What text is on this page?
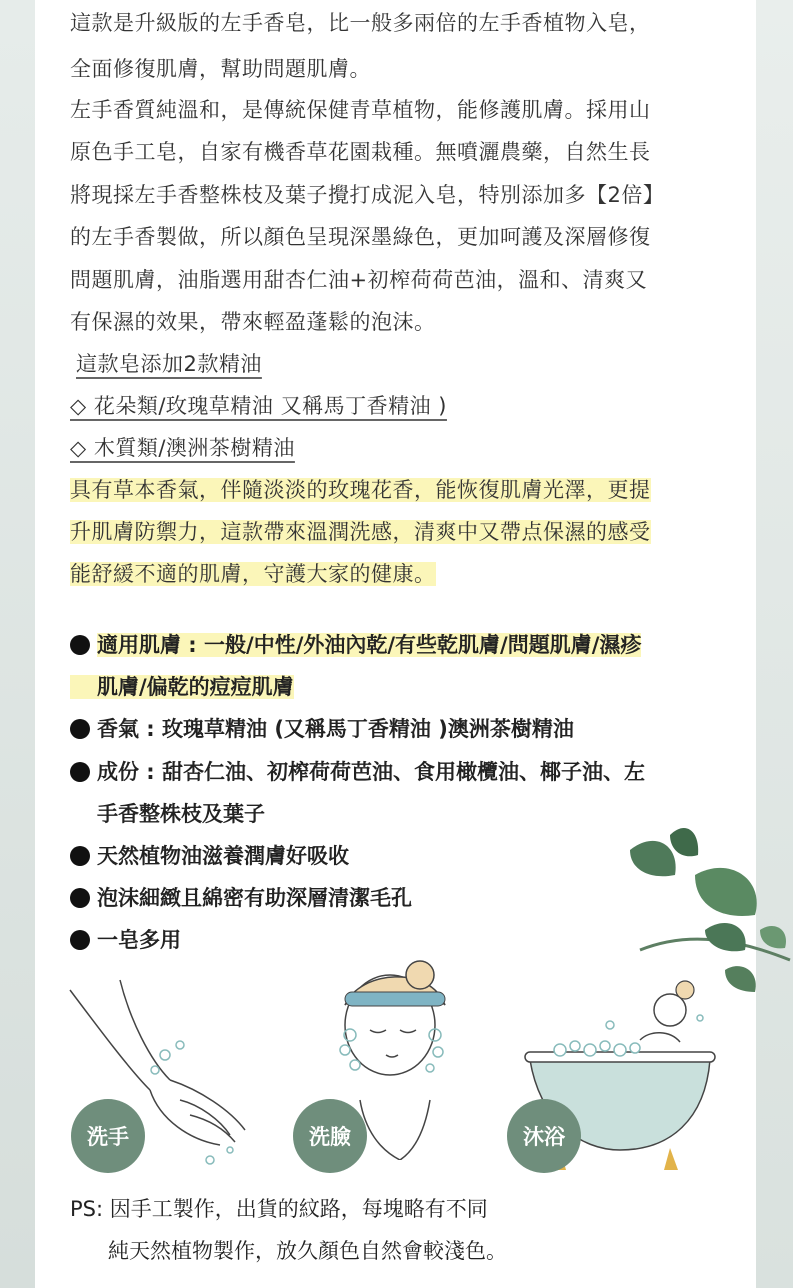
這款是升級版的左手香皂，比一般多兩倍的左手香植物入皂，
全面修復肌膚，幫助問題肌膚。
左手香質純溫和，是傳統保健青草植物，能修護肌膚。採用山
原色手工皂，自家有機香草花園栽種。無噴灑農藥，自然生長
將現採左手香整株枝及葉子攪打成泥入皂，特別添加多【2倍】
的左手香製做，所以顏色呈現深墨綠色，更加呵護及深層修復
問題肌膚，油脂選用甜杏仁油+初榨荷荷芭油，溫和、清爽又
有保濕的效果，帶來輕盈蓬鬆的泡沫。
這款皂添加2款精油
◇ 花朵類/玫瑰草精油 又稱馬丁香精油 )
◇ 木質類/澳洲茶樹精油
具有草本香氣，伴隨淡淡的玫瑰花香，能恢復肌膚光澤，更提
升肌膚防禦力，這款帶來溫潤洗感，清爽中又帶点保濕的感受
能舒緩不適的肌膚，守護大家的健康。
適用肌膚 : 一般/中性/外油內乾/有些乾肌膚/問題肌膚/濕疹
肌膚/偏乾的痘痘肌膚
香氣 : 玫瑰草精油 (又稱馬丁香精油 )澳洲茶樹精油
成份 : 甜杏仁油、初榨荷荷芭油、食用橄欖油、椰子油、左
手香整株枝及葉子
天然植物油滋養潤膚好吸收
泡沫細緻且綿密有助深層清潔毛孔
一皂多用
洗手	洗臉	沐浴
PS: 因手工製作，出貨的紋路，每塊略有不同
純天然植物製作，放久顏色自然會較淺色。
